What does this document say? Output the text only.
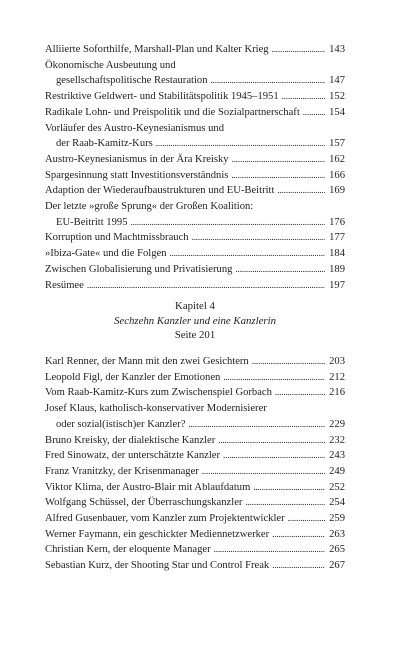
Alliierte Soforthilfe, Marshall-Plan und Kalter Krieg . . .	143
Ökonomische Ausbeutung und
gesellschaftspolitische Restauration . . .	147
Restriktive Geldwert- und Stabilitätspolitik 1945–1951 . . .	152
Radikale Lohn- und Preispolitik und die Sozialpartnerschaft . . .	154
Vorläufer des Austro-Keynesianismus und
der Raab-Kamitz-Kurs . . .	157
Austro-Keynesianismus in der Ära Kreisky . . .	162
Spargesinnung statt Investitionsverständnis . . .	166
Adaption der Wiederaufbaustrukturen und EU-Beitritt . . .	169
Der letzte »große Sprung« der Großen Koalition:
EU-Beitritt 1995 . . .	176
Korruption und Machtmissbrauch . . .	177
»Ibiza-Gate« und die Folgen . . .	184
Zwischen Globalisierung und Privatisierung . . .	189
Resümee . . .	197
Kapitel 4
Sechzehn Kanzler und eine Kanzlerin
Seite 201
Karl Renner, der Mann mit den zwei Gesichtern . . .	203
Leopold Figl, der Kanzler der Emotionen . . .	212
Vom Raab-Kamitz-Kurs zum Zwischenspiel Gorbach . . .	216
Josef Klaus, katholisch-konservativer Modernisierer
oder sozial(istisch)er Kanzler? . . .	229
Bruno Kreisky, der dialektische Kanzler . . .	232
Fred Sinowatz, der unterschätzte Kanzler . . .	243
Franz Vranitzky, der Krisenmanager . . .	249
Viktor Klima, der Austro-Blair mit Ablaufdatum . . .	252
Wolfgang Schüssel, der Überraschungskanzler . . .	254
Alfred Gusenbauer, vom Kanzler zum Projektentwickler . . .	259
Werner Faymann, ein geschickter Mediennetzwerker . . .	263
Christian Kern, der eloquente Manager . . .	265
Sebastian Kurz, der Shooting Star und Control Freak . . .	267
